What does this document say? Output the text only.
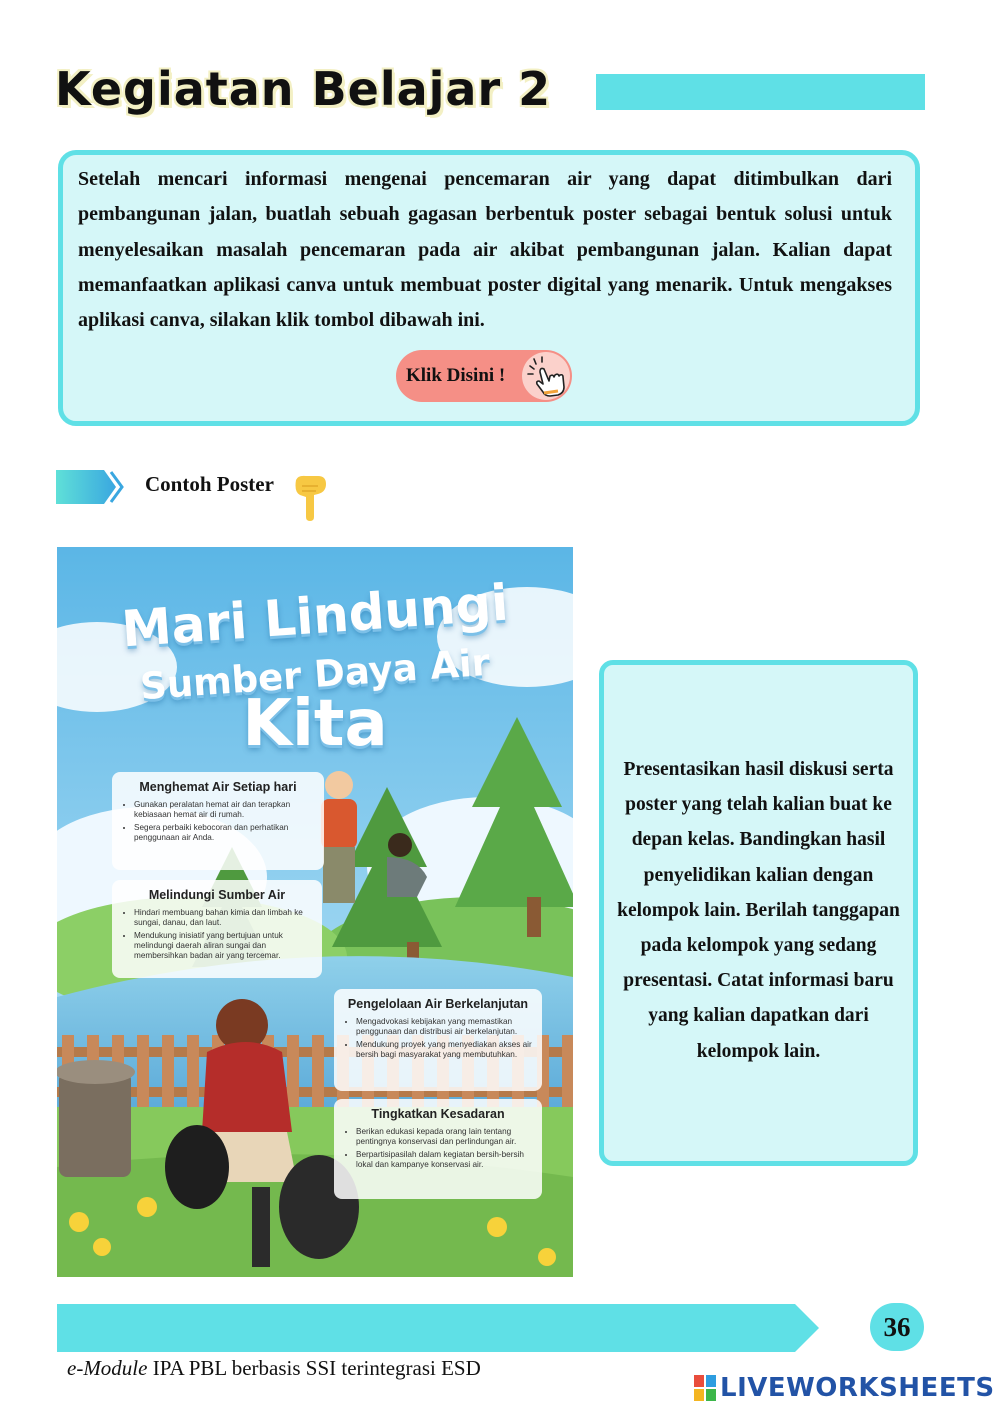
Kegiatan Belajar 2

Setelah mencari informasi mengenai pencemaran air yang dapat ditimbulkan dari pembangunan jalan, buatlah sebuah gagasan berbentuk poster sebagai bentuk solusi untuk menyelesaikan masalah pencemaran pada air akibat pembangunan jalan. Kalian dapat memanfaatkan aplikasi canva untuk membuat poster digital yang menarik. Untuk mengakses aplikasi canva, silakan klik tombol dibawah ini.

Klik Disini !
Contoh Poster
Mari Lindungi
Sumber Daya Air
Kita
Menghemat Air Setiap hari
• Gunakan peralatan hemat air dan terapkan kebiasaan hemat air di rumah.
• Segera perbaiki kebocoran dan perhatikan penggunaan air Anda.
Melindungi Sumber Air
• Hindari membuang bahan kimia dan limbah ke sungai, danau, dan laut.
• Mendukung inisiatif yang bertujuan untuk melindungi daerah aliran sungai dan membersihkan badan air yang tercemar.
Pengelolaan Air Berkelanjutan
• Mengadvokasi kebijakan yang memastikan penggunaan dan distribusi air berkelanjutan.
• Mendukung proyek yang menyediakan akses air bersih bagi masyarakat yang membutuhkan.
Tingkatkan Kesadaran
• Berikan edukasi kepada orang lain tentang pentingnya konservasi dan perlindungan air.
• Berpartisipasilah dalam kegiatan bersih-bersih lokal dan kampanye konservasi air.

Presentasikan hasil diskusi serta poster yang telah kalian buat ke depan kelas. Bandingkan hasil penyelidikan kalian dengan kelompok lain. Berilah tanggapan pada kelompok yang sedang presentasi. Catat informasi baru yang kalian dapatkan dari kelompok lain.

36
e-Module IPA PBL berbasis SSI terintegrasi ESD
LIVEWORKSHEETS
